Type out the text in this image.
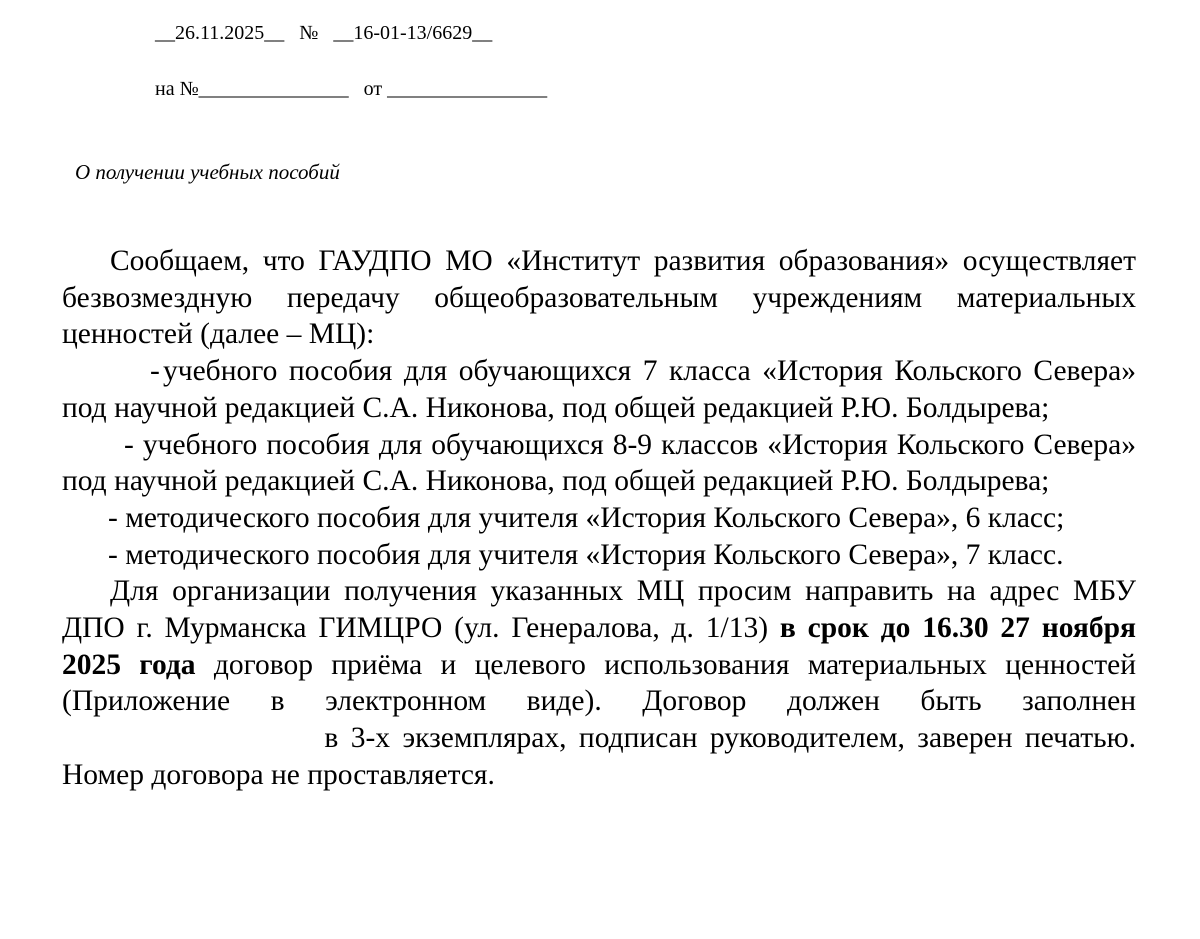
__26.11.2025__   №   __16-01-13/6629__
на №_______________   от ________________
О получении учебных пособий

Сообщаем, что ГАУДПО МО «Институт развития образования» осуществляет безвозмездную передачу общеобразовательным учреждениям материальных ценностей (далее – МЦ):

- учебного пособия для обучающихся 7 класса «История Кольского Севера» под научной редакцией С.А. Никонова, под общей редакцией Р.Ю. Болдырева;

- учебного пособия для обучающихся 8-9 классов «История Кольского Севера» под научной редакцией С.А. Никонова, под общей редакцией Р.Ю. Болдырева;

- методического пособия для учителя «История Кольского Севера», 6 класс;

- методического пособия для учителя «История Кольского Севера», 7 класс.

Для организации получения указанных МЦ просим направить на адрес МБУ ДПО г. Мурманска ГИМЦРО (ул. Генералова, д. 1/13) в срок до 16.30 27 ноября 2025 года договор приёма и целевого использования материальных ценностей (Приложение в электронном виде). Договор должен быть заполнен  в 3-х экземплярах, подписан руководителем, заверен печатью. Номер договора не проставляется.
